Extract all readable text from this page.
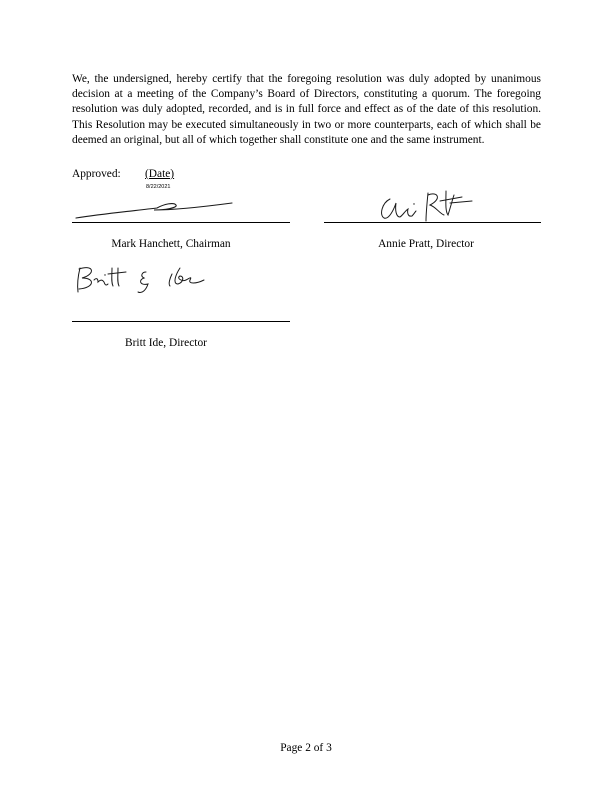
We, the undersigned, hereby certify that the foregoing resolution was duly adopted by unanimous decision at a meeting of the Company’s Board of Directors, constituting a quorum. The foregoing resolution was duly adopted, recorded, and is in full force and effect as of the date of this resolution. This Resolution may be executed simultaneously in two or more counterparts, each of which shall be deemed an original, but all of which together shall constitute one and the same instrument.

Approved: (Date)
8/22/2021
Mark Hanchett, Chairman	Annie Pratt, Director
Britt Ide, Director
Page 2 of 3
